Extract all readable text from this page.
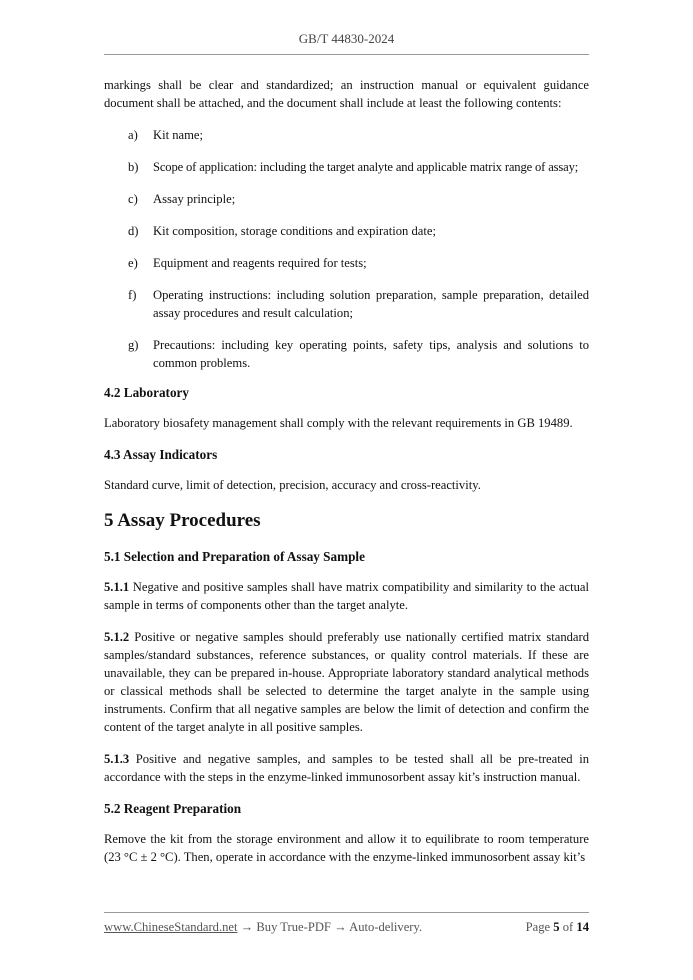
GB/T 44830-2024

markings shall be clear and standardized; an instruction manual or equivalent guidance document shall be attached, and the document shall include at least the following contents:

a)	Kit name;
b)	Scope of application: including the target analyte and applicable matrix range of assay;
c)	Assay principle;
d)	Kit composition, storage conditions and expiration date;
e)	Equipment and reagents required for tests;
f)	Operating instructions: including solution preparation, sample preparation, detailed assay procedures and result calculation;
g)	Precautions: including key operating points, safety tips, analysis and solutions to common problems.
4.2 Laboratory

Laboratory biosafety management shall comply with the relevant requirements in GB 19489.

4.3 Assay Indicators

Standard curve, limit of detection, precision, accuracy and cross-reactivity.

5 Assay Procedures
5.1 Selection and Preparation of Assay Sample

5.1.1 Negative and positive samples shall have matrix compatibility and similarity to the actual sample in terms of components other than the target analyte.

5.1.2 Positive or negative samples should preferably use nationally certified matrix standard samples/standard substances, reference substances, or quality control materials. If these are unavailable, they can be prepared in-house. Appropriate laboratory standard analytical methods or classical methods shall be selected to determine the target analyte in the sample using instruments. Confirm that all negative samples are below the limit of detection and confirm the content of the target analyte in all positive samples.

5.1.3 Positive and negative samples, and samples to be tested shall all be pre-treated in accordance with the steps in the enzyme-linked immunosorbent assay kit’s instruction manual.

5.2 Reagent Preparation

Remove the kit from the storage environment and allow it to equilibrate to room temperature (23 °C ± 2 °C). Then, operate in accordance with the enzyme-linked immunosorbent assay kit’s

www.ChineseStandard.net → Buy True-PDF → Auto-delivery.	Page 5 of 14
